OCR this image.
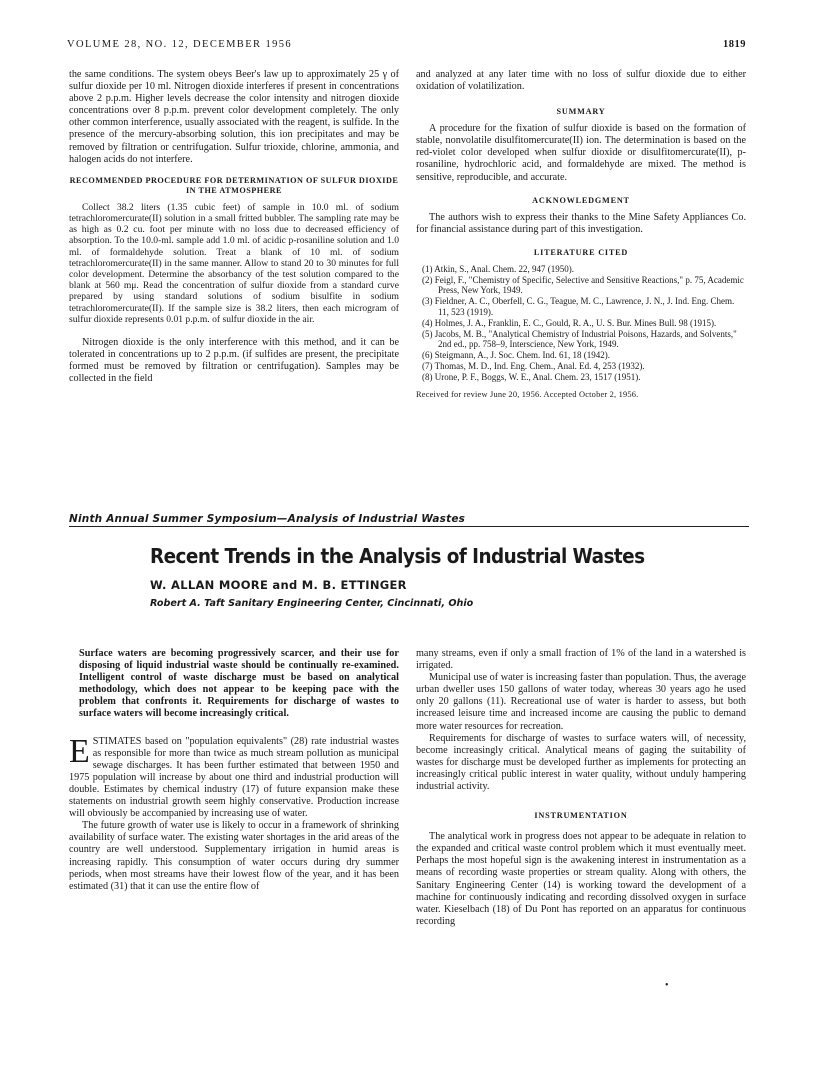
VOLUME 28, NO. 12, DECEMBER 1956	1819

the same conditions. The system obeys Beer's law up to approximately 25 γ of sulfur dioxide per 10 ml. Nitrogen dioxide interferes if present in concentrations above 2 p.p.m. Higher levels decrease the color intensity and nitrogen dioxide concentrations over 8 p.p.m. prevent color development completely. The only other common interference, usually associated with the reagent, is sulfide. In the presence of the mercury-absorbing solution, this ion precipitates and may be removed by filtration or centrifugation. Sulfur trioxide, chlorine, ammonia, and halogen acids do not interfere.

RECOMMENDED PROCEDURE FOR DETERMINATION OF SULFUR DIOXIDE IN THE ATMOSPHERE

Collect 38.2 liters (1.35 cubic feet) of sample in 10.0 ml. of sodium tetrachloromercurate(II) solution in a small fritted bubbler. The sampling rate may be as high as 0.2 cu. foot per minute with no loss due to decreased efficiency of absorption. To the 10.0-ml. sample add 1.0 ml. of acidic p-rosaniline solution and 1.0 ml. of formaldehyde solution. Treat a blank of 10 ml. of sodium tetrachloromercurate(II) in the same manner. Allow to stand 20 to 30 minutes for full color development. Determine the absorbancy of the test solution compared to the blank at 560 mμ. Read the concentration of sulfur dioxide from a standard curve prepared by using standard solutions of sodium bisulfite in sodium tetrachloromercurate(II). If the sample size is 38.2 liters, then each microgram of sulfur dioxide represents 0.01 p.p.m. of sulfur dioxide in the air.

Nitrogen dioxide is the only interference with this method, and it can be tolerated in concentrations up to 2 p.p.m. (if sulfides are present, the precipitate formed must be removed by filtration or centrifugation). Samples may be collected in the field

and analyzed at any later time with no loss of sulfur dioxide due to either oxidation of volatilization.

SUMMARY

A procedure for the fixation of sulfur dioxide is based on the formation of stable, nonvolatile disulfitomercurate(II) ion. The determination is based on the red-violet color developed when sulfur dioxide or disulfitomercurate(II), p-rosaniline, hydrochloric acid, and formaldehyde are mixed. The method is sensitive, reproducible, and accurate.

ACKNOWLEDGMENT

The authors wish to express their thanks to the Mine Safety Appliances Co. for financial assistance during part of this investigation.

LITERATURE CITED
(1) Atkin, S., Anal. Chem. 22, 947 (1950).
(2) Feigl, F., "Chemistry of Specific, Selective and Sensitive Reactions," p. 75, Academic Press, New York, 1949.
(3) Fieldner, A. C., Oberfell, C. G., Teague, M. C., Lawrence, J. N., J. Ind. Eng. Chem. 11, 523 (1919).
(4) Holmes, J. A., Franklin, E. C., Gould, R. A., U. S. Bur. Mines Bull. 98 (1915).
(5) Jacobs, M. B., "Analytical Chemistry of Industrial Poisons, Hazards, and Solvents," 2nd ed., pp. 758–9, Interscience, New York, 1949.
(6) Steigmann, A., J. Soc. Chem. Ind. 61, 18 (1942).
(7) Thomas, M. D., Ind. Eng. Chem., Anal. Ed. 4, 253 (1932).
(8) Urone, P. F., Boggs, W. E., Anal. Chem. 23, 1517 (1951).
Received for review June 20, 1956. Accepted October 2, 1956.
Ninth Annual Summer Symposium—Analysis of Industrial Wastes
Recent Trends in the Analysis of Industrial Wastes
W. ALLAN MOORE and M. B. ETTINGER
Robert A. Taft Sanitary Engineering Center, Cincinnati, Ohio
Surface waters are becoming progressively scarcer, and their use for disposing of liquid industrial waste should be continually re-examined. Intelligent control of waste discharge must be based on analytical methodology, which does not appear to be keeping pace with the problem that confronts it. Requirements for discharge of wastes to surface waters will become increasingly critical.
E STIMATES based on "population equivalents" (28) rate industrial wastes as responsible for more than twice as much stream pollution as municipal sewage discharges. It has been further estimated that between 1950 and 1975 population will increase by about one third and industrial production will double. Estimates by chemical industry (17) of future expansion make these statements on industrial growth seem highly conservative. Production increase will obviously be accompanied by increasing use of water.

The future growth of water use is likely to occur in a framework of shrinking availability of surface water. The existing water shortages in the arid areas of the country are well understood. Supplementary irrigation in humid areas is increasing rapidly. This consumption of water occurs during dry summer periods, when most streams have their lowest flow of the year, and it has been estimated (31) that it can use the entire flow of

many streams, even if only a small fraction of 1% of the land in a watershed is irrigated.

Municipal use of water is increasing faster than population. Thus, the average urban dweller uses 150 gallons of water today, whereas 30 years ago he used only 20 gallons (11). Recreational use of water is harder to assess, but both increased leisure time and increased income are causing the public to demand more water resources for recreation.

Requirements for discharge of wastes to surface waters will, of necessity, become increasingly critical. Analytical means of gaging the suitability of wastes for discharge must be developed further as implements for protecting an increasingly critical public interest in water quality, without unduly hampering industrial activity.

INSTRUMENTATION

The analytical work in progress does not appear to be adequate in relation to the expanded and critical waste control problem which it must eventually meet. Perhaps the most hopeful sign is the awakening interest in instrumentation as a means of recording waste properties or stream quality. Along with others, the Sanitary Engineering Center (14) is working toward the development of a machine for continuously indicating and recording dissolved oxygen in surface water. Kieselbach (18) of Du Pont has reported on an apparatus for continuous recording

•
